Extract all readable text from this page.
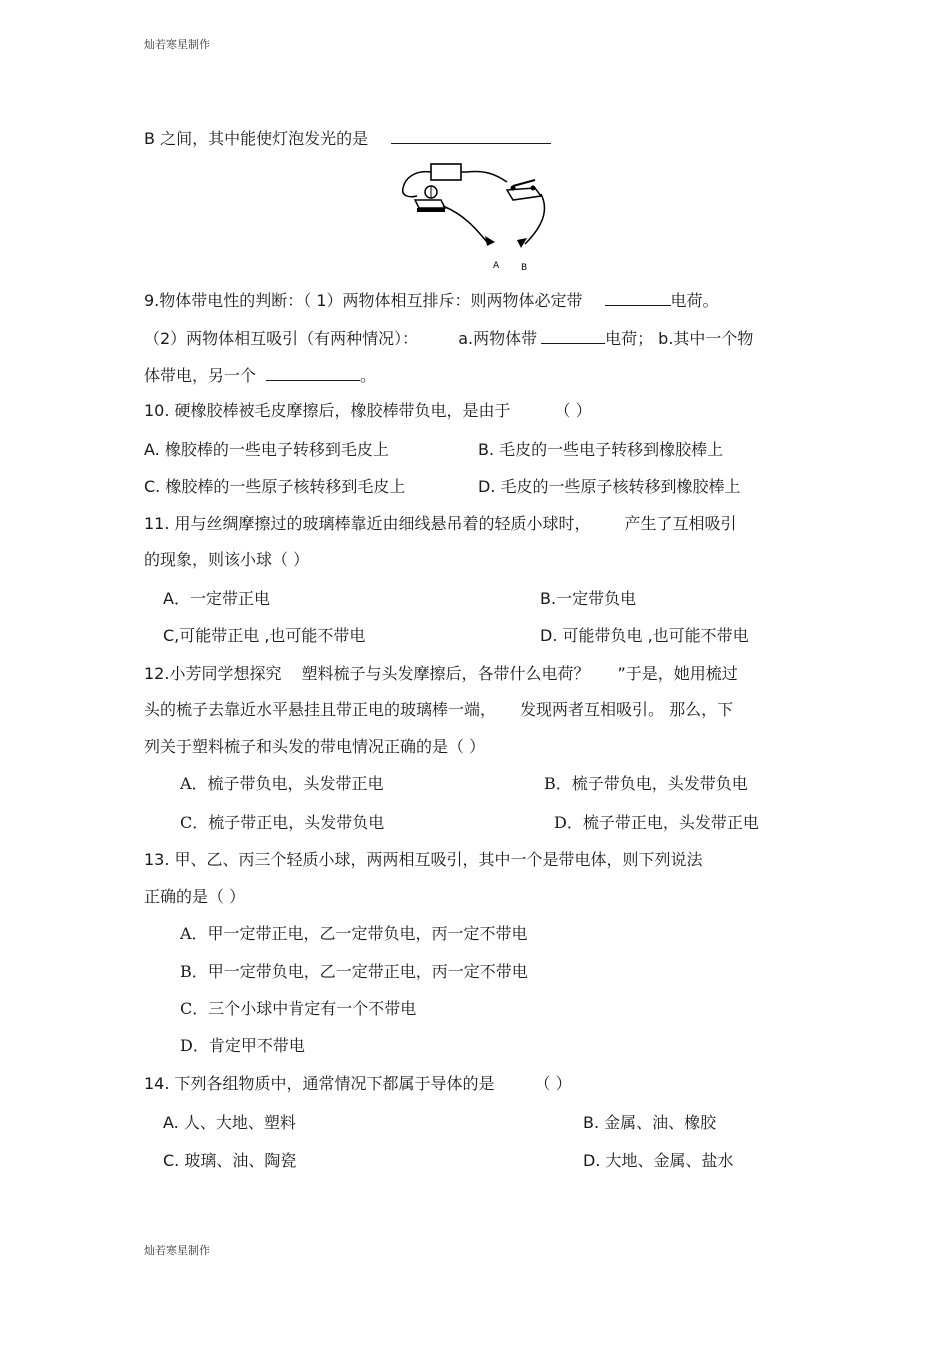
灿若寒星制作
B 之间，其中能使灯泡发光的是
A B
9.物体带电性的判断：（ 1）两物体相互排斥：则两物体必定带	电荷。
（2）两物体相互吸引（有两种情况）：	a.两物体带	电荷； b.其中一个物
体带电，另一个	。
10. 硬橡胶棒被毛皮摩擦后，橡胶棒带负电，是由于	（ ）
A. 橡胶棒的一些电子转移到毛皮上	B. 毛皮的一些电子转移到橡胶棒上
C. 橡胶棒的一些原子核转移到毛皮上	D. 毛皮的一些原子核转移到橡胶棒上
11. 用与丝绸摩擦过的玻璃棒靠近由细线悬吊着的轻质小球时， 产生了互相吸引
的现象，则该小球（ ）
A．一定带正电	B.一定带负电
C,可能带正电 ,也可能不带电	D. 可能带负电 ,也可能不带电
12.小芳同学想探究 塑料梳子与头发摩擦后，各带什么电荷？ ”于是，她用梳过
头的梳子去靠近水平悬挂且带正电的玻璃棒一端， 发现两者互相吸引。 那么，下
列关于塑料梳子和头发的带电情况正确的是（ ）
A．梳子带负电，头发带正电	B．梳子带负电，头发带负电
C．梳子带正电，头发带负电	D．梳子带正电，头发带正电
13. 甲、乙、丙三个轻质小球，两两相互吸引，其中一个是带电体，则下列说法
正确的是（ ）
A．甲一定带正电，乙一定带负电，丙一定不带电
B．甲一定带负电，乙一定带正电，丙一定不带电
C．三个小球中肯定有一个不带电
D．肯定甲不带电
14. 下列各组物质中，通常情况下都属于导体的是	（ ）
A. 人、大地、塑料	B. 金属、油、橡胶
C. 玻璃、油、陶瓷	D. 大地、金属、盐水
灿若寒星制作
